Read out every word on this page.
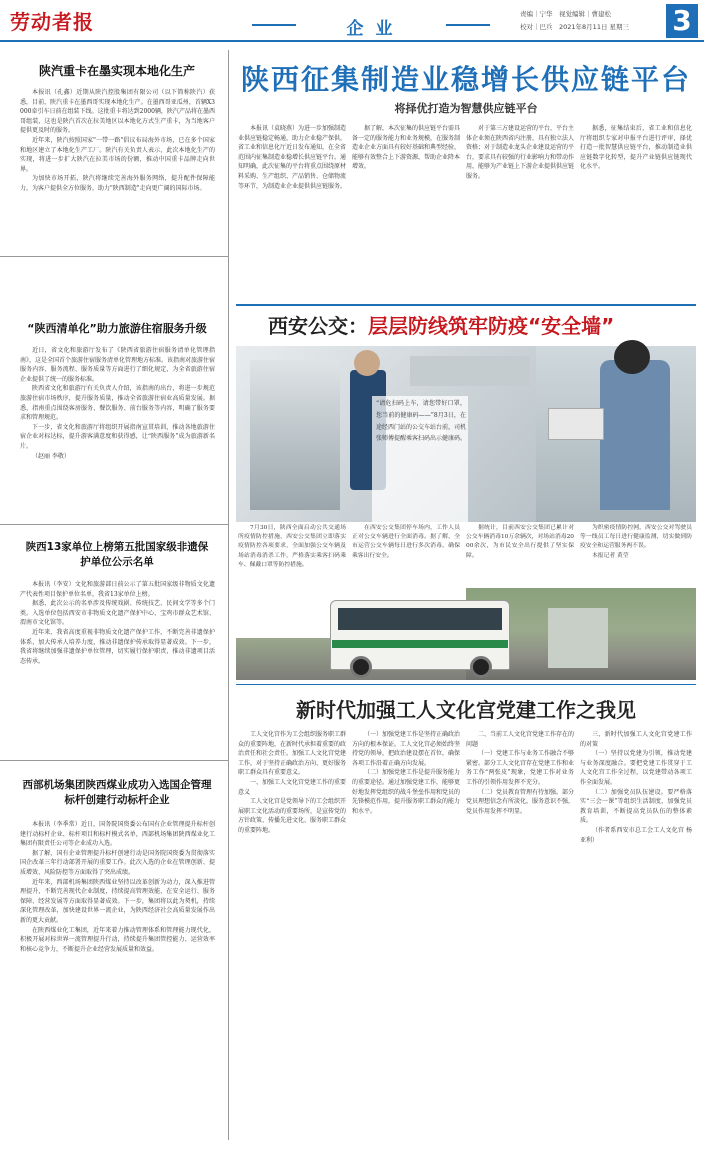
劳动者报	企 业
责编｜宁华　视觉编辑｜曹建松
校对｜巴兵　2021年8月11日 星期三	3
陕汽重卡在墨实现本地化生产

本报讯（孔鑫）近期从陕汽控股集团有限公司（以下简称陕汽）获悉，目前，陕汽重卡在墨西哥实现本地化生产。在墨西哥亚瓜州，首辆X3000牵引车日前在组装下线。这批重卡将达到2000辆，陕汽产品将在墨西哥组装，这也是陕汽首次在拉美地区以本地化方式生产重卡，为当地客户提供更及时的服务。

近年来，陕汽按照国家"一带一路"倡议布局海外市场，已在多个国家和地区建立了本地化生产工厂。陕汽有关负责人表示，此次本地化生产的实现，将进一步扩大陕汽在拉美市场的份额，推动中国重卡品牌走向世界。

为加快市场开拓，陕汽将继续完善海外服务网络，提升配件保障能力，为客户提供全方位服务，助力"陕西制造"走向更广阔的国际市场。

“陕西清单化”助力旅游住宿服务升级

近日，省文化和旅游厅发布了《陕西省旅游住宿服务清单化管理指南》，这是全国首个旅游住宿服务清单化管理地方标准。该指南对旅游住宿服务内容、服务流程、服务质量等方面进行了细化规定，为全省旅游住宿企业提供了统一的服务标准。

陕西省文化和旅游厅有关负责人介绍，该指南的出台，将进一步规范旅游住宿市场秩序，提升服务质量，推动全省旅游住宿业高质量发展。据悉，指南重点围绕客房服务、餐饮服务、前台服务等内容，明确了服务要求和管理规范。

下一步，省文化和旅游厅将组织开展指南宣贯培训，推动各地旅游住宿企业对标达标，提升游客满意度和获得感，让“陕西服务”成为旅游新名片。

（赵丽 李敬）

陕西13家单位上榜第五批国家级非遗保护单位公示名单

本报讯（李安）文化和旅游部日前公示了第五批国家级非物质文化遗产代表性项目保护单位名单，我省13家单位上榜。

据悉，此次公示的名单涉及传统戏剧、传统技艺、民间文学等多个门类。入选单位包括西安市非物质文化遗产保护中心、宝鸡市群众艺术馆、渭南市文化馆等。

近年来，我省高度重视非物质文化遗产保护工作，不断完善非遗保护体系，加大传承人培养力度，推动非遗保护传承取得显著成效。下一步，我省将继续加强非遗保护单位管理，切实履行保护职责，推动非遗项目活态传承。

西部机场集团陕西煤业成功入选国企管理标杆创建行动标杆企业

本报讯（李季常）近日，国务院国资委公布国有企业管理提升标杆创建行动标杆企业、标杆项目和标杆模式名单，西部机场集团陕西煤业化工集团有限责任公司等企业成功入选。

据了解，国有企业管理提升标杆创建行动是国务院国资委为贯彻落实国企改革三年行动部署开展的重要工作。此次入选的企业在管理创新、提质增效、风险防控等方面取得了突出成绩。

近年来，西部机场集团陕西煤业坚持以改革创新为动力，深入推进管理提升，不断完善现代企业制度，持续提高管理效能，在安全运行、服务保障、经营发展等方面取得显著成效。下一步，集团将以此为契机，持续深化管理改革，加快建设世界一流企业，为陕西经济社会高质量发展作出新的更大贡献。

在陕西煤业化工集团，近年来着力推动管理体系和管理能力现代化，积极开展对标世界一流管理提升行动，持续提升集团管控能力、运营效率和核心竞争力，不断提升企业经营发展质量和效益。

陕西征集制造业稳增长供应链平台
将择优打造为智慧供应链平台
本报讯（袁晓燕）为进一步加强制造业供应链稳定畅通，助力企业稳产保供，省工业和信息化厅近日发布通知，在全省范围内征集制造业稳增长供应链平台。通知明确，此次征集的平台将重点围绕原材料采购、生产组织、产品销售、仓储物流等环节，为制造业企业提供供应链服务。
据了解，本次征集的供应链平台需具备一定的服务能力和业务规模，在服务制造业企业方面具有较好基础和典型经验，能够有效整合上下游资源，帮助企业降本增效。
对于第三方建设运营的平台，平台主体企业须在陕西省内注册，具有独立法人资格；对于制造业龙头企业建设运营的平台，要求具有较强的行业影响力和带动作用，能够为产业链上下游企业提供供应链服务。
据悉，征集结束后，省工业和信息化厅将组织专家对申报平台进行评审，择优打造一批智慧供应链平台，推动制造业供应链数字化转型，提升产业链供应链现代化水平。
西安公交：层层防线筑牢防疫“安全墙”
“请危扫码上车，请您带好口罩，您当前的健康码——”8月3日，在途经西门站的公交车站台前，司机张师傅提醒乘客扫码出示健康码。
7月30日，陕西全面启动公共交通场所疫情防控措施，西安公交集团立即落实疫情防控各项要求，全面加强公交车辆及场站消毒消杀工作，严格落实乘客扫码乘车、佩戴口罩等防控措施。
在西安公交集团停车场内，工作人员正对公交车辆进行全面消毒。据了解，全市运营公交车辆每日进行多次消毒，确保乘客出行安全。
据统计，目前西安公交集团已累计对公交车辆消毒10万余辆次，对场站消毒2000余次，为市民安全出行提供了坚实保障。

为织密疫情防控网，西安公交对驾驶员等一线员工每日进行健康监测，切实做到防疫安全和运营服务两不误。

本报记者 黄莹

新时代加强工人文化宫党建工作之我见

工人文化宫作为工会组织服务职工群众的重要阵地，在新时代承担着重要的政治责任和社会责任。加强工人文化宫党建工作，对于坚持正确政治方向、更好服务职工群众具有重要意义。

一、加强工人文化宫党建工作的重要意义

工人文化宫是党领导下的工会组织开展职工文化活动的重要场所，是宣传党的方针政策、传播先进文化、服务职工群众的重要阵地。

（一）加强党建工作是坚持正确政治方向的根本保证。工人文化宫必须始终坚持党的领导，把政治建设摆在首位，确保各项工作沿着正确方向发展。

（二）加强党建工作是提升服务能力的重要途径。通过加强党建工作，能够更好地发挥党组织的战斗堡垒作用和党员的先锋模范作用，提升服务职工群众的能力和水平。

二、当前工人文化宫党建工作存在的问题

（一）党建工作与业务工作融合不够紧密。部分工人文化宫存在党建工作和业务工作“两张皮”现象，党建工作对业务工作的引领作用发挥不充分。

（二）党员教育管理有待加强。部分党员理想信念有所淡化，服务意识不强，党员作用发挥不明显。

三、新时代加强工人文化宫党建工作的对策

（一）坚持以党建为引领，推动党建与业务深度融合。要把党建工作贯穿于工人文化宫工作全过程，以党建带动各项工作全面发展。

（二）加强党员队伍建设。要严格落实“三会一课”等组织生活制度，加强党员教育培训，不断提高党员队伍的整体素质。

（作者系西安市总工会工人文化宫 杨亚利）
